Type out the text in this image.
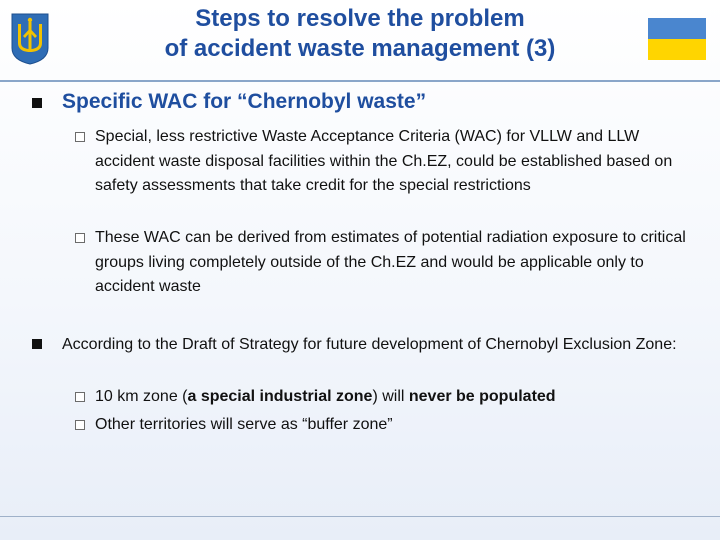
Steps to resolve the problem
of accident waste management (3)
Specific WAC for “Chernobyl waste”
Special, less restrictive Waste Acceptance Criteria (WAC) for VLLW and LLW accident waste disposal facilities within the Ch.EZ, could be established based on safety assessments that take credit for the special restrictions
These WAC can be derived from estimates of potential radiation exposure to critical groups living completely outside of the Ch.EZ and would be applicable only to accident waste
According to the Draft of Strategy for future development of Chernobyl Exclusion Zone:
10 km zone (a special industrial zone) will never be populated
Other territories will serve as “buffer zone”
